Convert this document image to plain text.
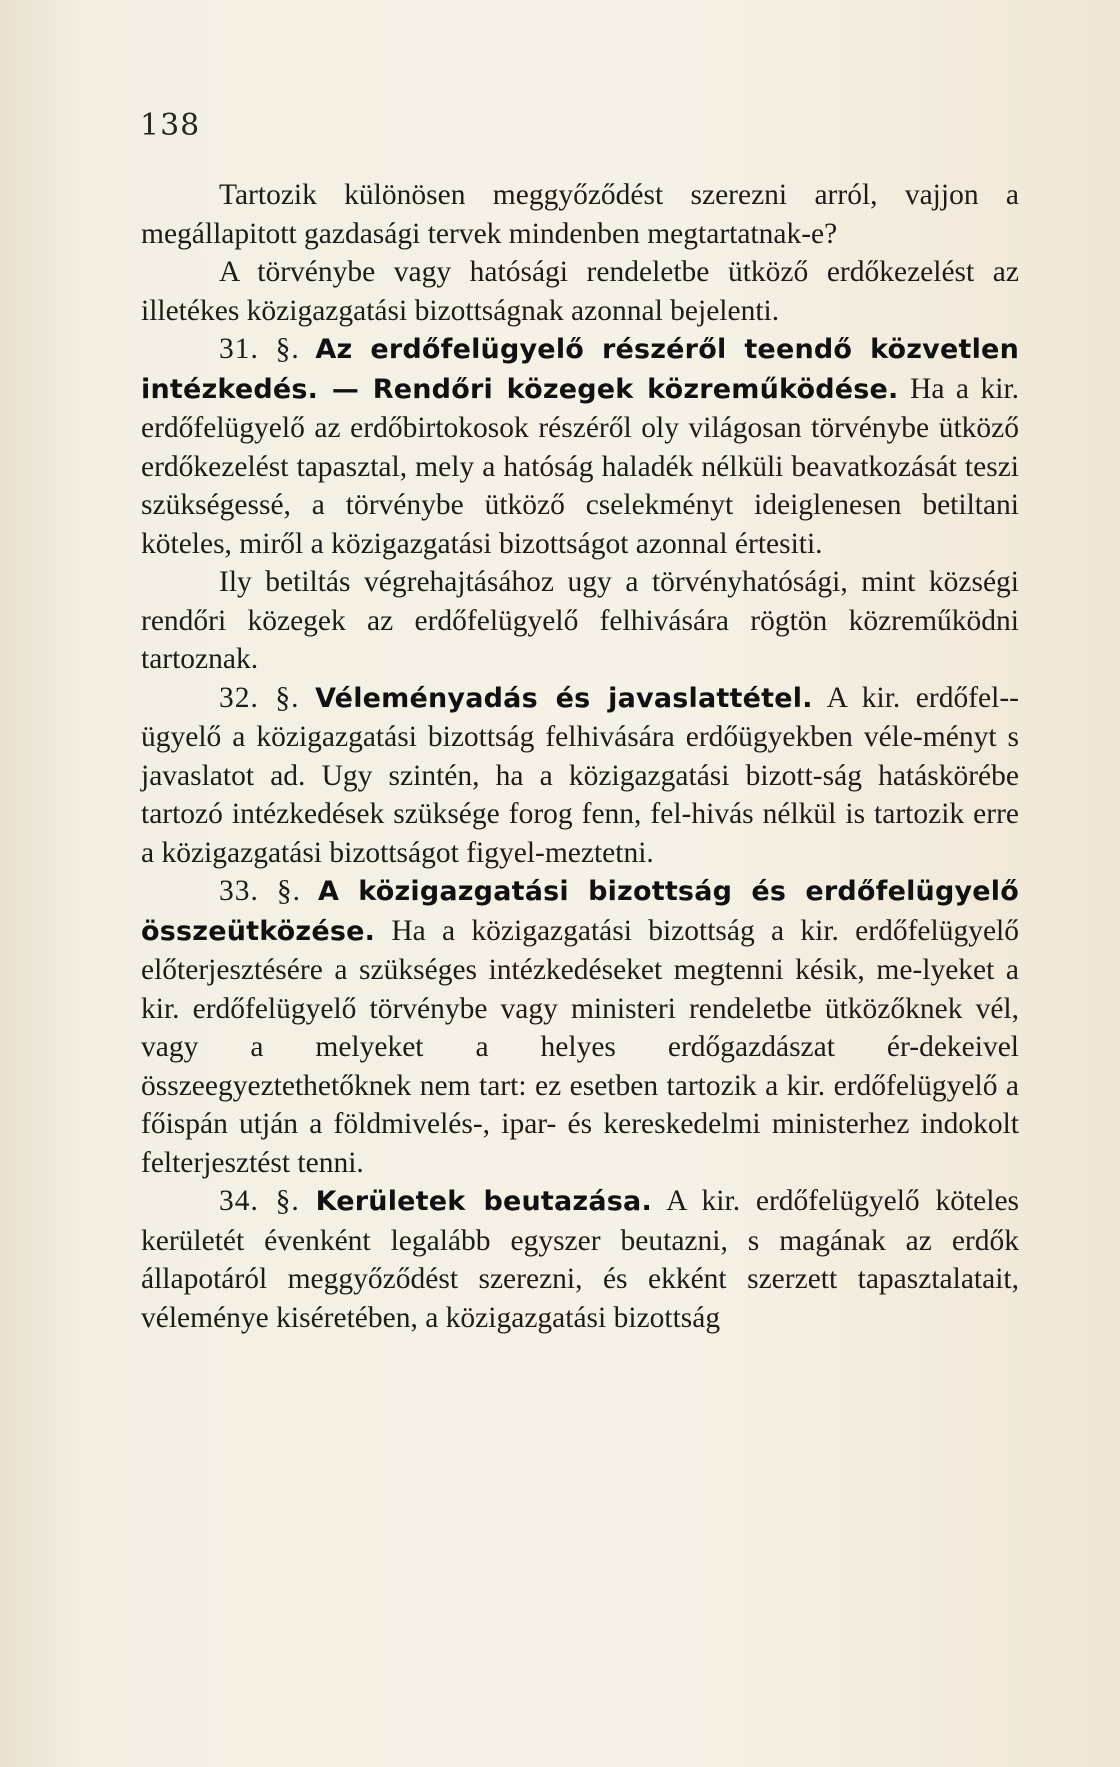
138

Tartozik különösen meggyőződést szerezni arról, vajjon a megállapitott gazdasági tervek mindenben megtartatnak-e?

A törvénybe vagy hatósági rendeletbe ütköző erdőkezelést az illetékes közigazgatási bizottságnak azonnal bejelenti.

31. §. Az erdőfelügyelő részéről teendő közvetlen intézkedés. — Rendőri közegek közreműködése. Ha a kir. erdőfelügyelő az erdőbirtokosok részéről oly világosan törvénybe ütköző erdőkezelést tapasztal, mely a hatóság haladék nélküli beavatkozását teszi szükségessé, a törvénybe ütköző cselekményt ideiglenesen betiltani köteles, miről a közigazgatási bizottságot azonnal értesiti.

Ily betiltás végrehajtásához ugy a törvényhatósági, mint községi rendőri közegek az erdőfelügyelő felhivására rögtön közreműködni tartoznak.

32. §. Véleményadás és javaslattétel. A kir. erdőfel-ügyelő a közigazgatási bizottság felhivására erdőügyekben véle-ményt s javaslatot ad. Ugy szintén, ha a közigazgatási bizott-ság hatáskörébe tartozó intézkedések szüksége forog fenn, fel-hivás nélkül is tartozik erre a közigazgatási bizottságot figyel-meztetni.

33. §. A közigazgatási bizottság és erdőfelügyelő összeütközése. Ha a közigazgatási bizottság a kir. erdőfelügyelő előterjesztésére a szükséges intézkedéseket megtenni késik, me-lyeket a kir. erdőfelügyelő törvénybe vagy ministeri rendeletbe ütközőknek vél, vagy a melyeket a helyes erdőgazdászat ér-dekeivel összeegyeztethetőknek nem tart: ez esetben tartozik a kir. erdőfelügyelő a főispán utján a földmivelés-, ipar- és kereskedelmi ministerhez indokolt felterjesztést tenni.

34. §. Kerületek beutazása. A kir. erdőfelügyelő köteles kerületét évenként legalább egyszer beutazni, s magának az erdők állapotáról meggyőződést szerezni, és ekként szerzett tapasztalatait, véleménye kiséretében, a közigazgatási bizottság
